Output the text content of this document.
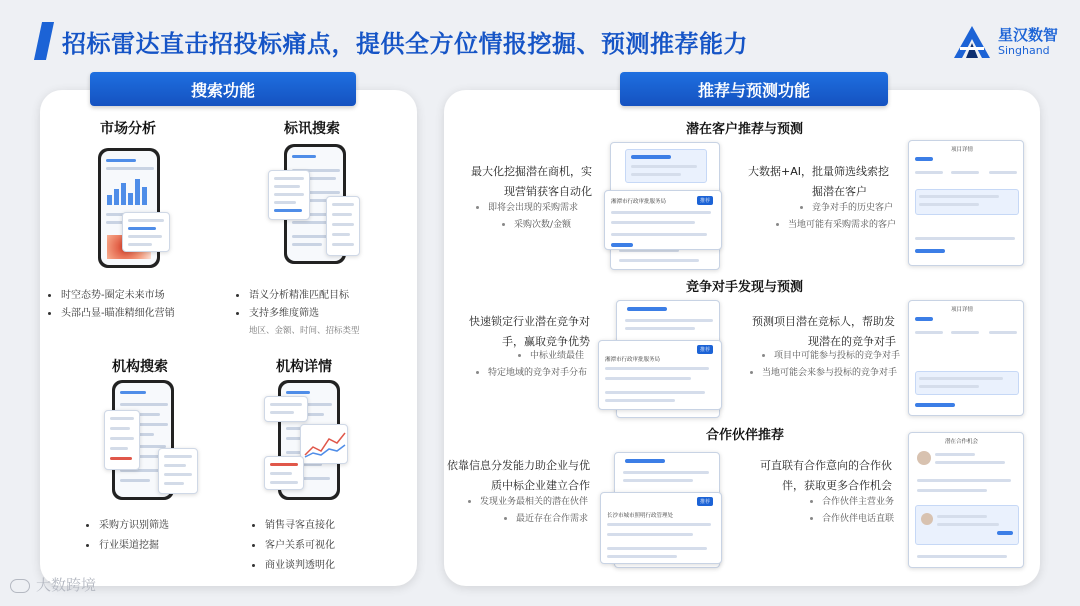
招标雷达直击招投标痛点，提供全方位情报挖掘、预测推荐能力	星汉数智
Singhand
搜索功能
市场分析
时空态势-圈定未来市场
头部凸显-瞄准精细化营销
标讯搜索
语义分析精准匹配目标
支持多维度筛选
地区、金额、时间、招标类型
机构搜索
采购方识别筛选
行业渠道挖掘
机构详情
销售寻客直接化
客户关系可视化
商业谈判透明化
推荐与预测功能
潜在客户推荐与预测
最大化挖掘潜在商机，实
现营销获客自动化
即将会出现的采购需求
采购次数/金额
湘潭市行政审批服务局	推荐
大数据+AI，批量筛选线索挖
掘潜在客户
竞争对手的历史客户
当地可能有采购需求的客户
项目详情
竞争对手发现与预测
快速锁定行业潜在竞争对
手，赢取竞争优势
中标业绩最佳
特定地域的竞争对手分布
湘潭市行政审批服务局
推荐
预测项目潜在竞标人，帮助发
现潜在的竞争对手
项目中可能参与投标的竞争对手
当地可能会来参与投标的竞争对手
项目详情
合作伙伴推荐
依靠信息分发能力助企业与优
质中标企业建立合作
发现业务最相关的潜在伙伴
最近存在合作需求	长沙市城市照明行政管理处
推荐
可直联有合作意向的合作伙
伴，获取更多合作机会
合作伙伴主营业务
合作伙伴电话直联
潜在合作机会
大数跨境
